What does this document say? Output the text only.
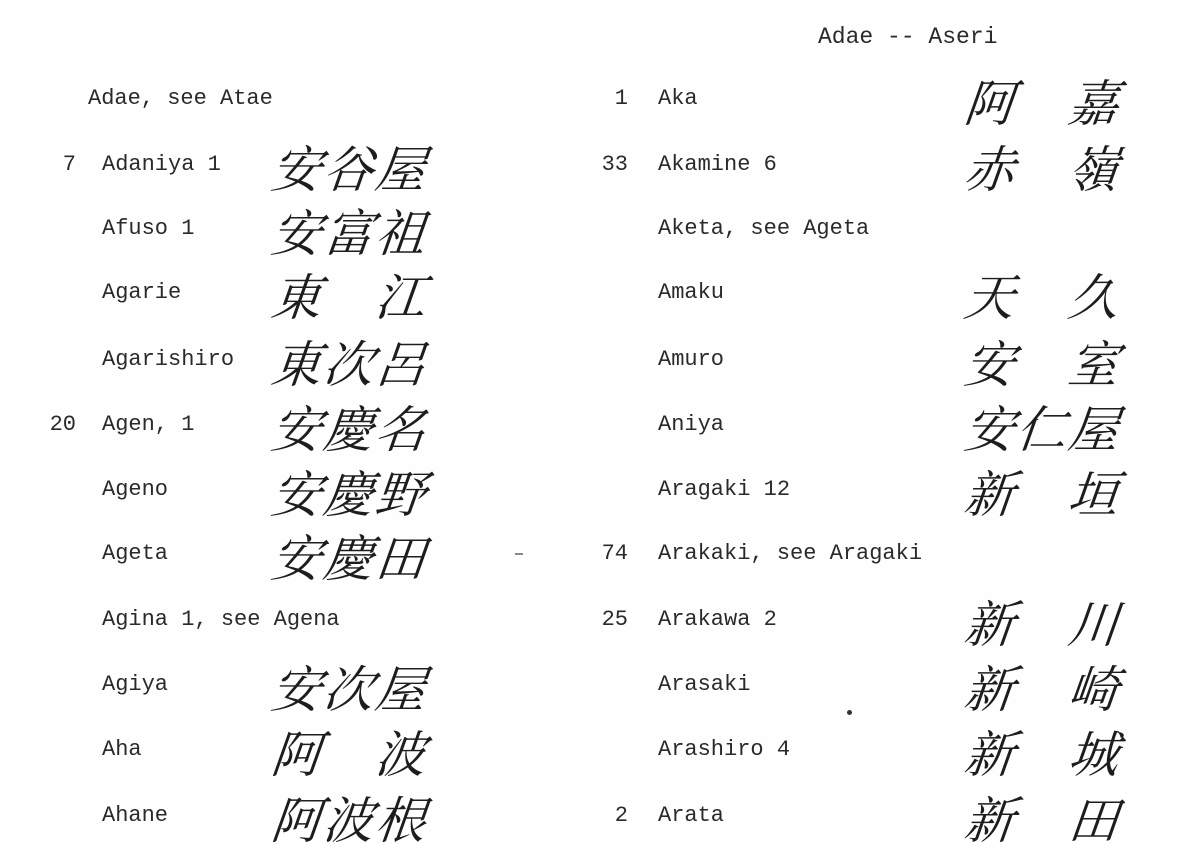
Adae -- Aseri
Adae, see Atae
7 Adaniya 1 安谷屋
Afuso 1 安富祖
Agarie 東　江
Agarishiro 東次呂
20 Agen, 1 安慶名
Ageno 安慶野
Ageta 安慶田
Agina 1, see Agena
Agiya 安次屋
Aha	阿　波
Ahane 阿波根
1 Aka	阿　嘉
33 Akamine 6	赤　嶺
Aketa, see Ageta
Amaku	天　久
Amuro	安　室
Aniya	安仁屋
Aragaki 12	新　垣
74 Arakaki, see Aragaki
25 Arakawa 2	新　川
Arasaki	新　崎
Arashiro 4	新　城
2 Arata	新　田
